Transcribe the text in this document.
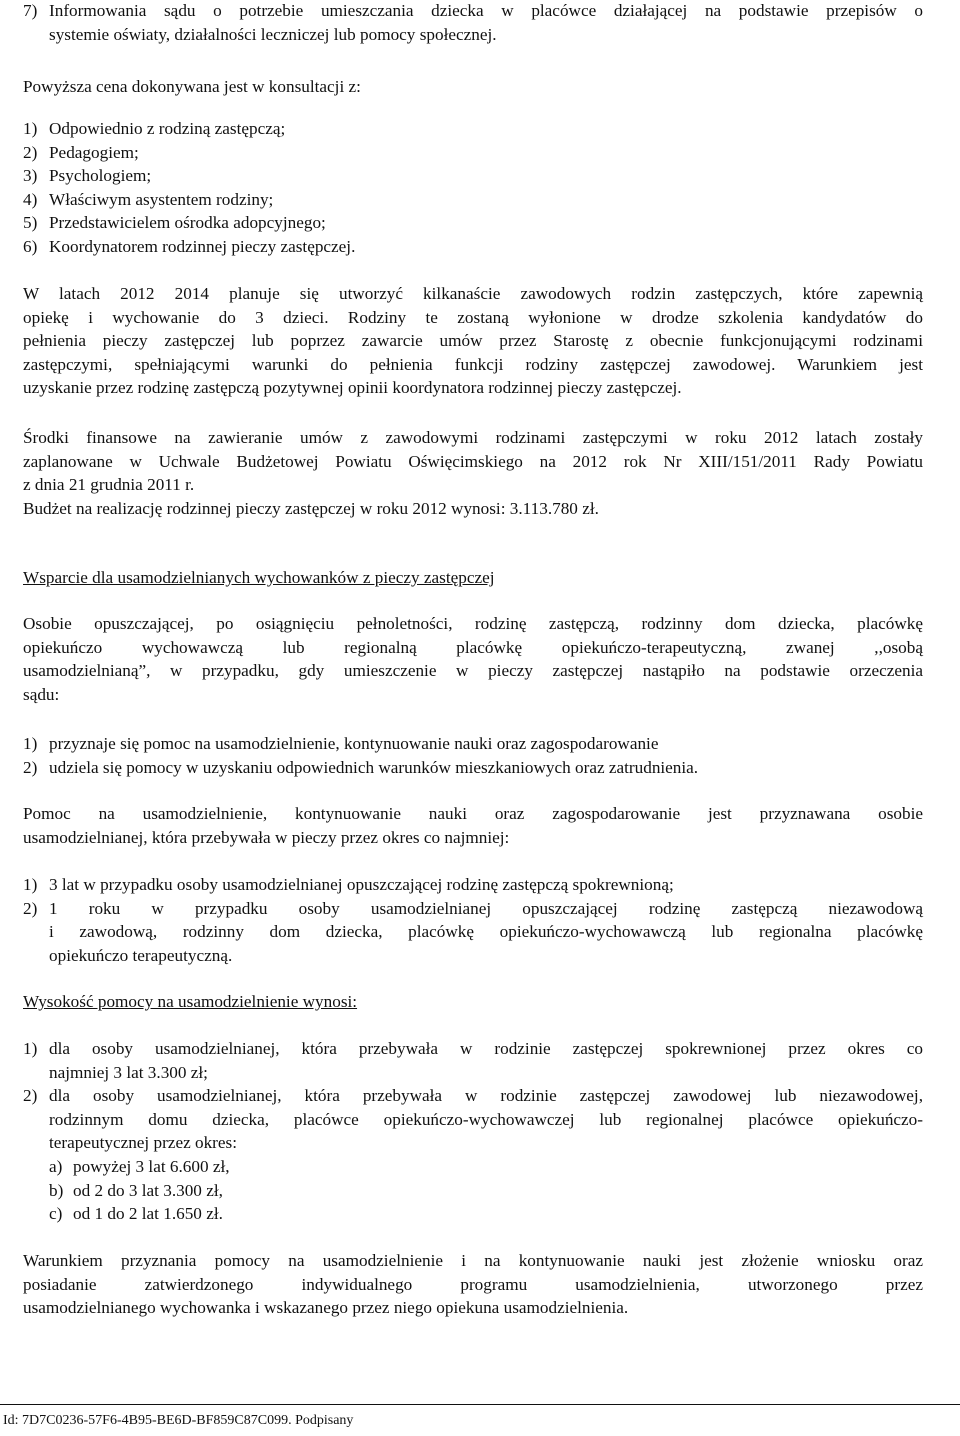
7) Informowania sądu o potrzebie umieszczania dziecka w placówce działającej na podstawie przepisów o

systemie oświaty, działalności leczniczej lub pomocy społecznej.

Powyższa cena dokonywana jest w konsultacji z:

1) Odpowiednio z rodziną zastępczą;
2) Pedagogiem;
3) Psychologiem;
4) Właściwym asystentem rodziny;
5) Przedstawicielem ośrodka adopcyjnego;
6) Koordynatorem rodzinnej pieczy zastępczej.

W latach 2012 2014 planuje się utworzyć kilkanaście zawodowych rodzin zastępczych, które zapewnią

opiekę i wychowanie do 3 dzieci. Rodziny te zostaną wyłonione w drodze szkolenia kandydatów do

pełnienia pieczy zastępczej lub poprzez zawarcie umów przez Starostę z obecnie funkcjonującymi rodzinami

zastępczymi, spełniającymi warunki do pełnienia funkcji rodziny zastępczej zawodowej. Warunkiem jest

uzyskanie przez rodzinę zastępczą pozytywnej opinii koordynatora rodzinnej pieczy zastępczej.

Środki finansowe na zawieranie umów z zawodowymi rodzinami zastępczymi w roku 2012 latach zostały

zaplanowane w Uchwale Budżetowej Powiatu Oświęcimskiego na 2012 rok Nr XIII/151/2011 Rady Powiatu

z dnia 21 grudnia 2011 r.

Budżet na realizację rodzinnej pieczy zastępczej w roku 2012 wynosi: 3.113.780 zł.

Wsparcie dla usamodzielnianych wychowanków z pieczy zastępczej

Osobie opuszczającej, po osiągnięciu pełnoletności, rodzinę zastępczą, rodzinny dom dziecka, placówkę

opiekuńczo wychowawczą lub regionalną placówkę opiekuńczo-terapeutyczną, zwanej ,,osobą

usamodzielnianą”, w przypadku, gdy umieszczenie w pieczy zastępczej nastąpiło na podstawie orzeczenia

sądu:

1) przyznaje się pomoc na usamodzielnienie, kontynuowanie nauki oraz zagospodarowanie
2) udziela się pomocy w uzyskaniu odpowiednich warunków mieszkaniowych oraz zatrudnienia.

Pomoc na usamodzielnienie, kontynuowanie nauki oraz zagospodarowanie jest przyznawana osobie

usamodzielnianej, która przebywała w pieczy przez okres co najmniej:

1) 3 lat w przypadku osoby usamodzielnianej opuszczającej rodzinę zastępczą spokrewnioną;
2) 1 roku w przypadku osoby usamodzielnianej opuszczającej rodzinę zastępczą niezawodową

i zawodową, rodzinny dom dziecka, placówkę opiekuńczo-wychowawczą lub regionalna placówkę

opiekuńczo terapeutyczną.

Wysokość pomocy na usamodzielnienie wynosi:

1) dla osoby usamodzielnianej, która przebywała w rodzinie zastępczej spokrewnionej przez okres co

najmniej 3 lat 3.300 zł;

2) dla osoby usamodzielnianej, która przebywała w rodzinie zastępczej zawodowej lub niezawodowej,

rodzinnym domu dziecka, placówce opiekuńczo-wychowawczej lub regionalnej placówce opiekuńczo-

terapeutycznej przez okres:

a) powyżej 3 lat 6.600 zł,
b) od 2 do 3 lat 3.300 zł,
c) od 1 do 2 lat 1.650 zł.

Warunkiem przyznania pomocy na usamodzielnienie i na kontynuowanie nauki jest złożenie wniosku oraz

posiadanie zatwierdzonego indywidualnego programu usamodzielnienia, utworzonego przez

usamodzielnianego wychowanka i wskazanego przez niego opiekuna usamodzielnienia.

Id: 7D7C0236-57F6-4B95-BE6D-BF859C87C099. Podpisany
